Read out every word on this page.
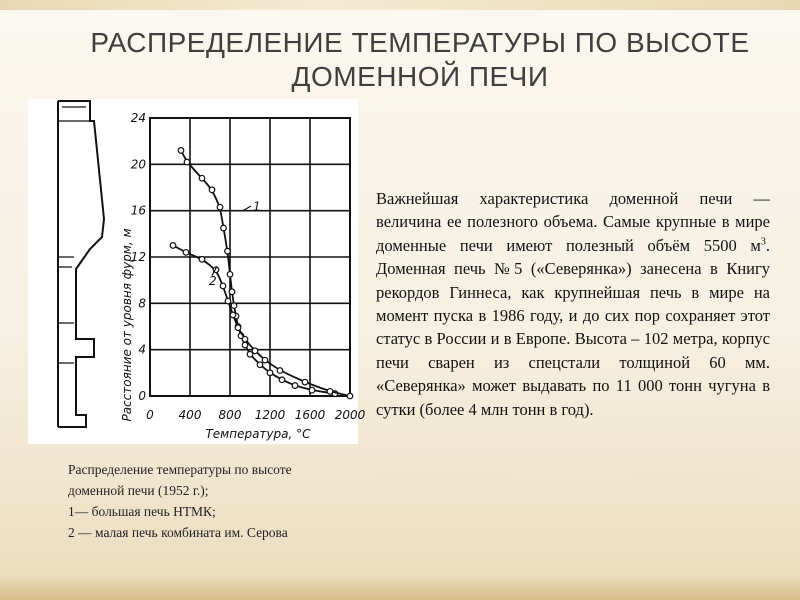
РАСПРЕДЕЛЕНИЕ ТЕМПЕРАТУРЫ ПО ВЫСОТЕ
ДОМЕННОЙ ПЕЧИ
0
4
8
12
16
20
24
0 400 800 1200 1600 2000
1
2
Расстояние от уровня фурм, м
Температура, °C
Распределение температуры по высоте
доменной печи (1952 г.);
1— большая печь НТМК;
2 — малая печь комбината им. Серова
Важнейшая характеристика доменной печи — величина ее полезного объема. Самые крупные в мире доменные печи имеют полезный объём 5500 $м^3$. Доменная печь №5 («Северянка») занесена в Книгу рекордов Гиннеса, как крупнейшая печь в мире на момент пуска в 1986 году, и до сих пор сохраняет этот статус в России и в Европе. Высота – 102 метра, корпус печи сварен из спецстали толщиной 60 мм. «Северянка» может выдавать по 11 000 тонн чугуна в сутки (более 4 млн тонн в год).
